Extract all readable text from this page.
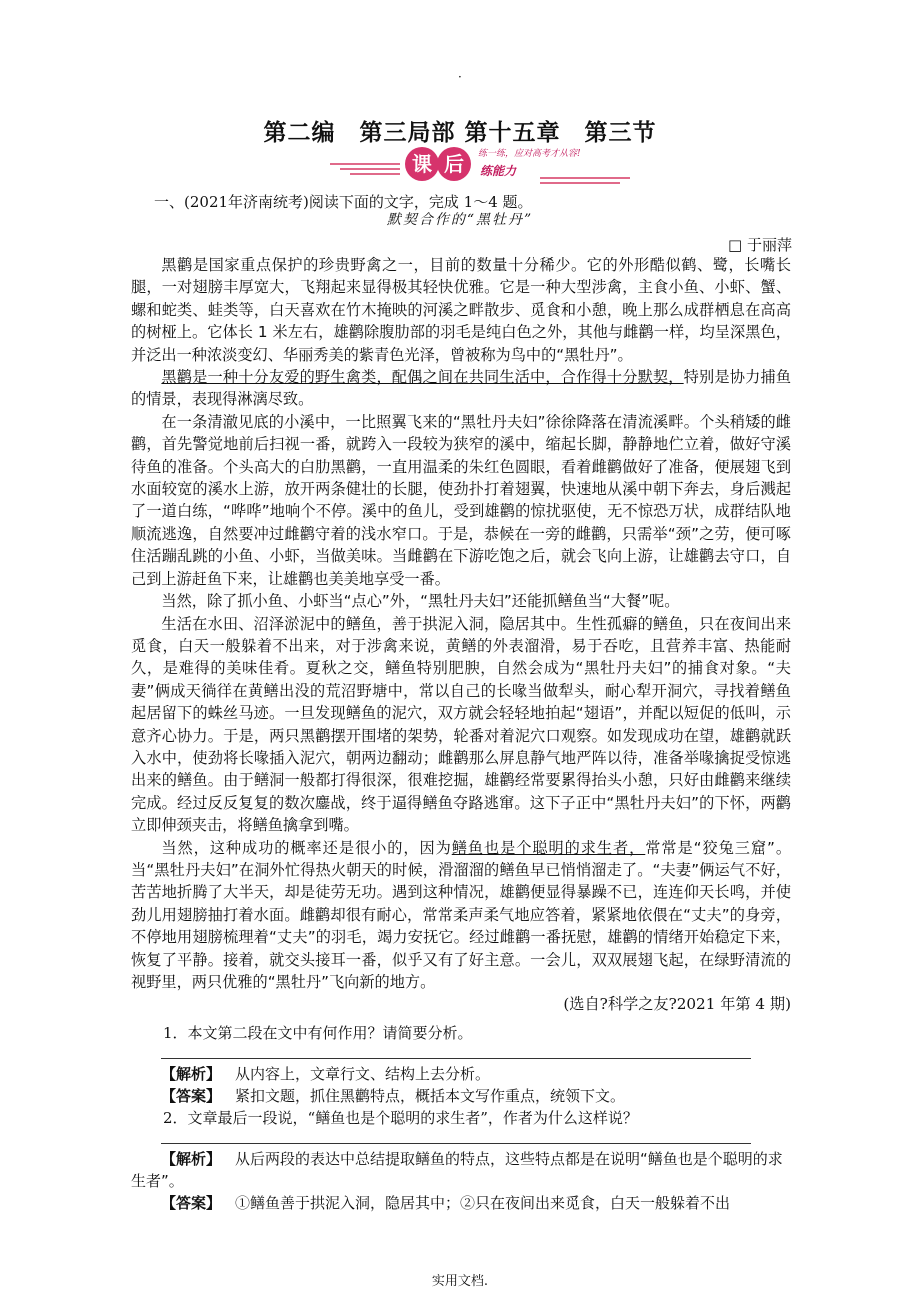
·
第二编　第三局部 第十五章　第三节
课 后 练一练，应对高考才从容!
练能力
一、(2021年济南统考)阅读下面的文字，完成 1～4 题。
默契合作的“黑牡丹”
□ 于丽萍

黑鹳是国家重点保护的珍贵野禽之一，目前的数量十分稀少。它的外形酷似鹤、鹭，长嘴长腿，一对翅膀丰厚宽大，飞翔起来显得极其轻快优雅。它是一种大型涉禽，主食小鱼、小虾、蟹、螺和蛇类、蛙类等，白天喜欢在竹木掩映的河溪之畔散步、觅食和小憩，晚上那么成群栖息在高高的树桠上。它体长 1 米左右，雄鹳除腹肋部的羽毛是纯白色之外，其他与雌鹳一样，均呈深黑色，并泛出一种浓淡变幻、华丽秀美的紫青色光泽，曾被称为鸟中的“黑牡丹”。

黑鹳是一种十分友爱的野生禽类，配偶之间在共同生活中，合作得十分默契，特别是协力捕鱼的情景，表现得淋漓尽致。

在一条清澈见底的小溪中，一比照翼飞来的“黑牡丹夫妇”徐徐降落在清流溪畔。个头稍矮的雌鹳，首先警觉地前后扫视一番，就跨入一段较为狭窄的溪中，缩起长脚，静静地伫立着，做好守溪待鱼的准备。个头高大的白肋黑鹳，一直用温柔的朱红色圆眼，看着雌鹳做好了准备，便展翅飞到水面较宽的溪水上游，放开两条健壮的长腿，使劲扑打着翅翼，快速地从溪中朝下奔去，身后溅起了一道白练，“哗哗”地响个不停。溪中的鱼儿，受到雄鹳的惊扰驱使，无不惊恐万状，成群结队地顺流逃逸，自然要冲过雌鹳守着的浅水窄口。于是，恭候在一旁的雌鹳，只需举“颈”之劳，便可啄住活蹦乱跳的小鱼、小虾，当做美味。当雌鹳在下游吃饱之后，就会飞向上游，让雄鹳去守口，自己到上游赶鱼下来，让雄鹳也美美地享受一番。

当然，除了抓小鱼、小虾当“点心”外，“黑牡丹夫妇”还能抓鳝鱼当“大餐”呢。

生活在水田、沼泽淤泥中的鳝鱼，善于拱泥入洞，隐居其中。生性孤癖的鳝鱼，只在夜间出来觅食，白天一般躲着不出来，对于涉禽来说，黄鳝的外表溜滑，易于吞吃，且营养丰富、热能耐久，是难得的美味佳肴。夏秋之交，鳝鱼特别肥腴，自然会成为“黑牡丹夫妇”的捕食对象。“夫妻”俩成天徜徉在黄鳝出没的荒沼野塘中，常以自己的长喙当做犁头，耐心犁开洞穴，寻找着鳝鱼起居留下的蛛丝马迹。一旦发现鳝鱼的泥穴，双方就会轻轻地拍起“翅语”，并配以短促的低叫，示意齐心协力。于是，两只黑鹳摆开围堵的架势，轮番对着泥穴口观察。如发现成功在望，雄鹳就跃入水中，使劲将长喙插入泥穴，朝两边翻动；雌鹳那么屏息静气地严阵以待，准备举喙擒捉受惊逃出来的鳝鱼。由于鳝洞一般都打得很深，很难挖掘，雄鹳经常要累得抬头小憩，只好由雌鹳来继续完成。经过反反复复的数次鏖战，终于逼得鳝鱼夺路逃窜。这下子正中“黑牡丹夫妇”的下怀，两鹳立即伸颈夹击，将鳝鱼擒拿到嘴。

当然，这种成功的概率还是很小的，因为鳝鱼也是个聪明的求生者，常常是“狡兔三窟”。当“黑牡丹夫妇”在洞外忙得热火朝天的时候，滑溜溜的鳝鱼早已悄悄溜走了。“夫妻”俩运气不好，苦苦地折腾了大半天，却是徒劳无功。遇到这种情况，雄鹳便显得暴躁不已，连连仰天长鸣，并使劲儿用翅膀抽打着水面。雌鹳却很有耐心，常常柔声柔气地应答着，紧紧地依偎在“丈夫”的身旁，不停地用翅膀梳理着“丈夫”的羽毛，竭力安抚它。经过雌鹳一番抚慰，雄鹳的情绪开始稳定下来，恢复了平静。接着，就交头接耳一番，似乎又有了好主意。一会儿，双双展翅飞起，在绿野清流的视野里，两只优雅的“黑牡丹”飞向新的地方。

(选自?科学之友?2021 年第 4 期)

1．本文第二段在文中有何作用？请简要分析。
【解析】 从内容上，文章行文、结构上去分析。
【答案】 紧扣文题，抓住黑鹳特点，概括本文写作重点，统领下文。
2．文章最后一段说，“鳝鱼也是个聪明的求生者”，作者为什么这样说？
【解析】 从后两段的表达中总结提取鳝鱼的特点，这些特点都是在说明“鳝鱼也是个聪明的求生者”。
【答案】 ①鳝鱼善于拱泥入洞，隐居其中；②只在夜间出来觅食，白天一般躲着不出
实用文档.
